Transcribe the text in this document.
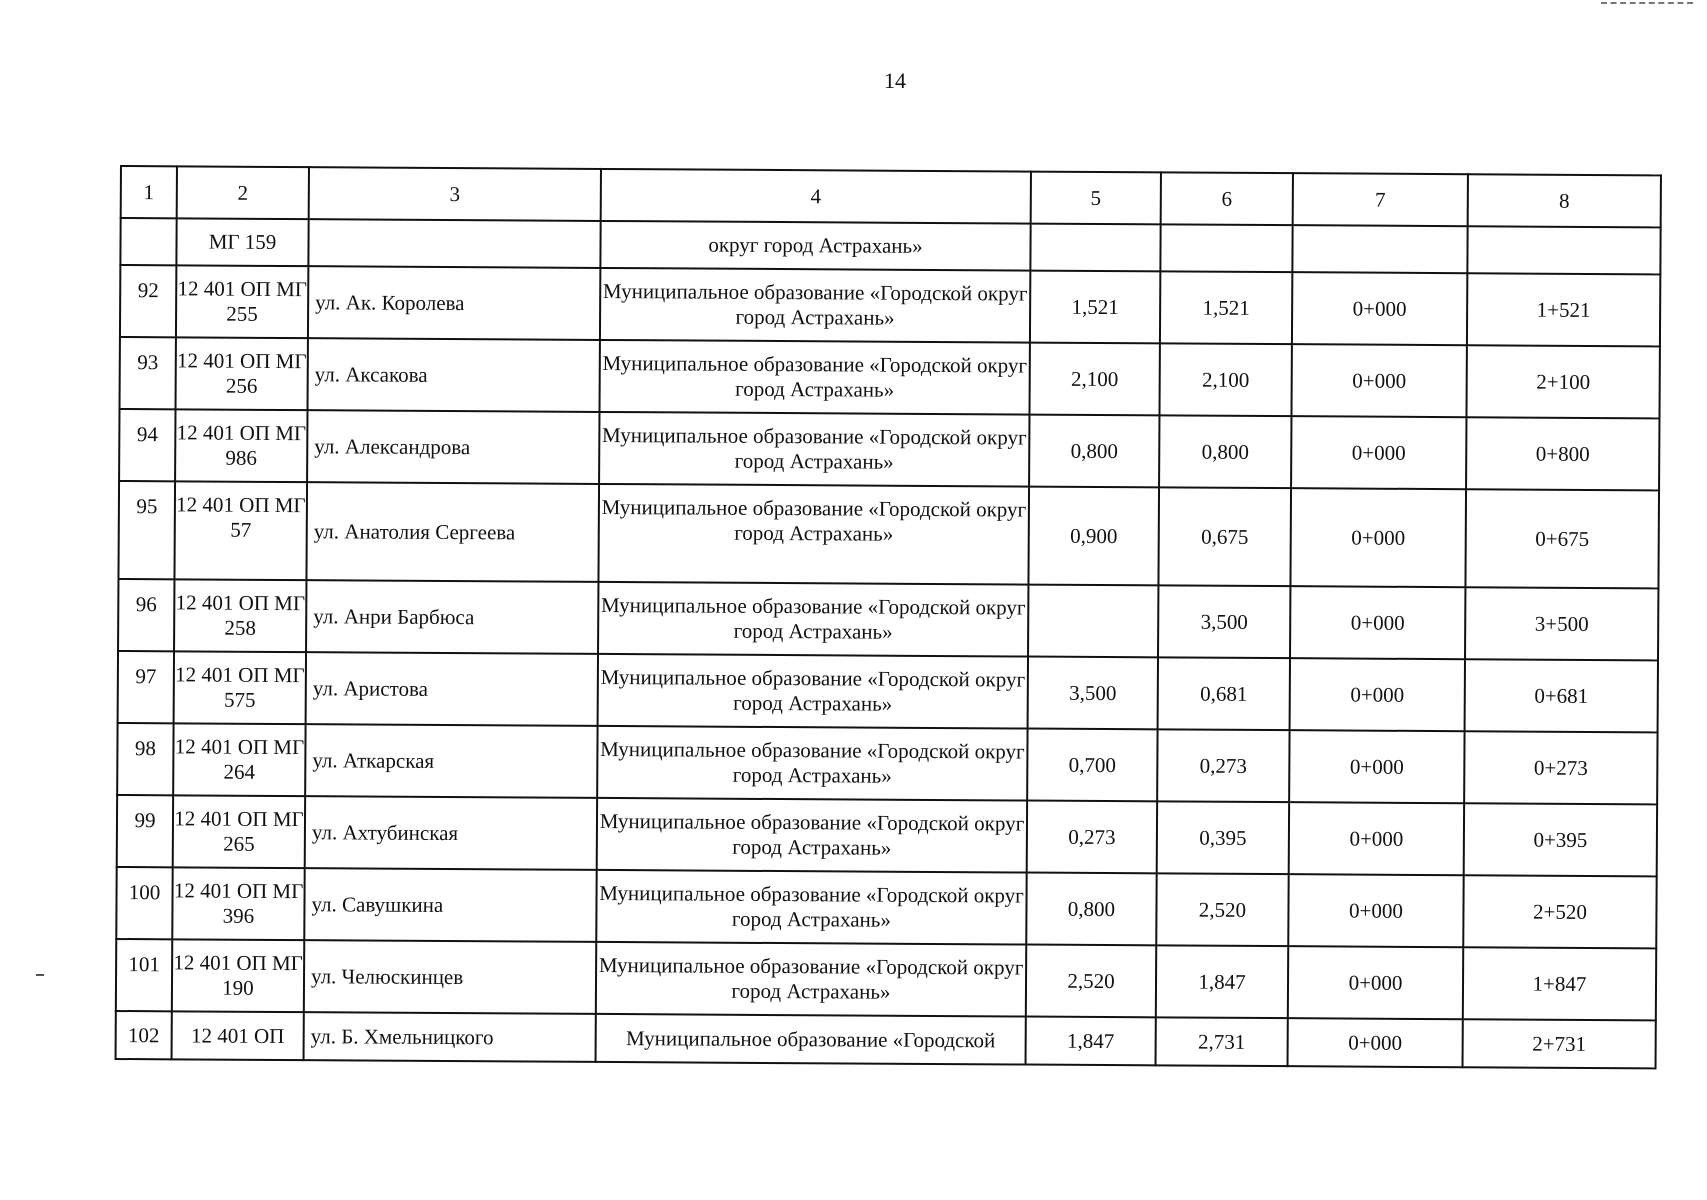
14
1	2	3	4	5	6	7	8
	МГ 159		округ город Астрахань»				
92	12 401 ОП МГ 255	ул. Ак. Королева	Муниципальное образование «Городской округ город Астрахань»	1,521	1,521	0+000	1+521
93	12 401 ОП МГ 256	ул. Аксакова	Муниципальное образование «Городской округ город Астрахань»	2,100	2,100	0+000	2+100
94	12 401 ОП МГ 986	ул. Александрова	Муниципальное образование «Городской округ город Астрахань»	0,800	0,800	0+000	0+800
95	12 401 ОП МГ 57	ул. Анатолия Сергеева	Муниципальное образование «Городской округ город Астрахань»	0,900	0,675	0+000	0+675
96	12 401 ОП МГ 258	ул. Анри Барбюса	Муниципальное образование «Городской округ город Астрахань»		3,500	0+000	3+500
97	12 401 ОП МГ 575	ул. Аристова	Муниципальное образование «Городской округ город Астрахань»	3,500	0,681	0+000	0+681
98	12 401 ОП МГ 264	ул. Аткарская	Муниципальное образование «Городской округ город Астрахань»	0,700	0,273	0+000	0+273
99	12 401 ОП МГ 265	ул. Ахтубинская	Муниципальное образование «Городской округ город Астрахань»	0,273	0,395	0+000	0+395
100	12 401 ОП МГ 396	ул. Савушкина	Муниципальное образование «Городской округ город Астрахань»	0,800	2,520	0+000	2+520
101	12 401 ОП МГ 190	ул. Челюскинцев	Муниципальное образование «Городской округ город Астрахань»	2,520	1,847	0+000	1+847
102	12 401 ОП	ул. Б. Хмельницкого	Муниципальное образование «Городской	1,847	2,731	0+000	2+731
